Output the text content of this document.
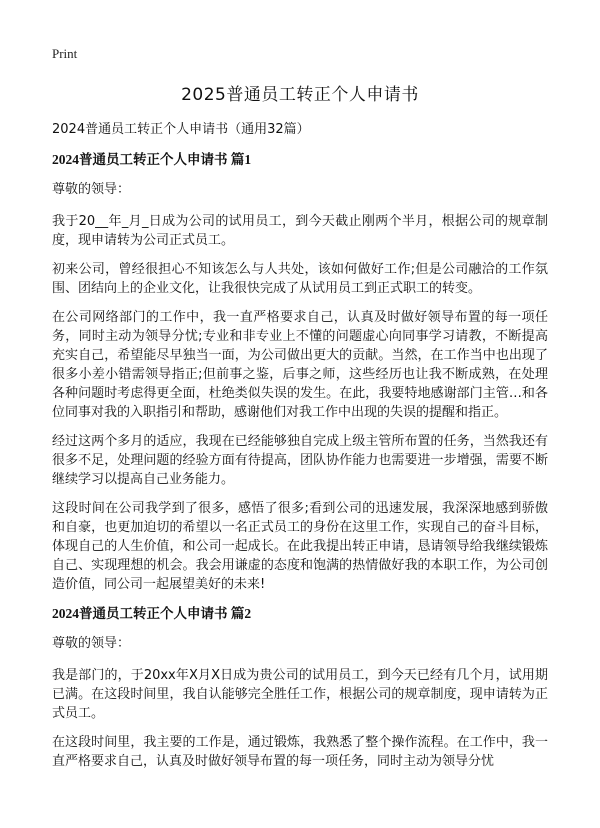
Print
2025普通员工转正个人申请书
2024普通员工转正个人申请书（通用32篇）
2024普通员工转正个人申请书 篇1
尊敬的领导：

我于20__年_月_日成为公司的试用员工，到今天截止刚两个半月，根据公司的规章制度，现申请转为公司正式员工。

初来公司，曾经很担心不知该怎么与人共处，该如何做好工作;但是公司融洽的工作氛围、团结向上的企业文化，让我很快完成了从试用员工到正式职工的转变。

在公司网络部门的工作中，我一直严格要求自己，认真及时做好领导布置的每一项任务，同时主动为领导分忧;专业和非专业上不懂的问题虚心向同事学习请教，不断提高充实自己，希望能尽早独当一面，为公司做出更大的贡献。当然，在工作当中也出现了很多小差小错需领导指正;但前事之鉴，后事之师，这些经历也让我不断成熟，在处理各种问题时考虑得更全面，杜绝类似失误的发生。在此，我要特地感谢部门主管…和各位同事对我的入职指引和帮助，感谢他们对我工作中出现的失误的提醒和指正。

经过这两个多月的适应，我现在已经能够独自完成上级主管所布置的任务，当然我还有很多不足，处理问题的经验方面有待提高，团队协作能力也需要进一步增强，需要不断继续学习以提高自己业务能力。

这段时间在公司我学到了很多，感悟了很多;看到公司的迅速发展，我深深地感到骄傲和自豪，也更加迫切的希望以一名正式员工的身份在这里工作，实现自己的奋斗目标，体现自己的人生价值，和公司一起成长。在此我提出转正申请，恳请领导给我继续锻炼自己、实现理想的机会。我会用谦虚的态度和饱满的热情做好我的本职工作，为公司创造价值，同公司一起展望美好的未来!

2024普通员工转正个人申请书 篇2
尊敬的领导：

我是部门的，于20xx年X月X日成为贵公司的试用员工，到今天已经有几个月，试用期已满。在这段时间里，我自认能够完全胜任工作，根据公司的规章制度，现申请转为正式员工。

在这段时间里，我主要的工作是，通过锻炼，我熟悉了整个操作流程。在工作中，我一直严格要求自己，认真及时做好领导布置的每一项任务，同时主动为领导分忧
